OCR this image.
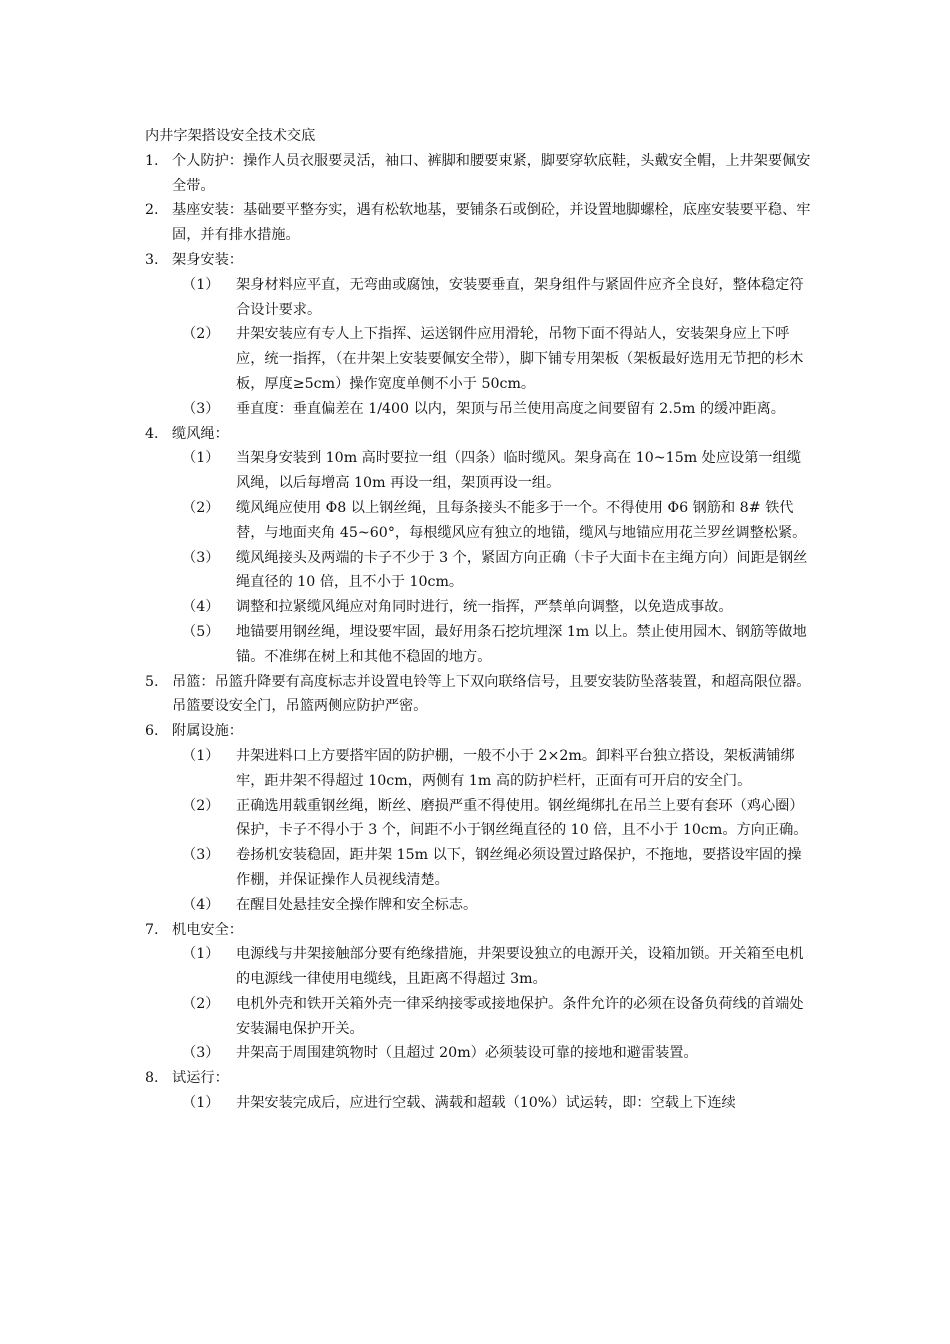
内井字架搭设安全技术交底
1. 个人防护：操作人员衣服要灵活，袖口、裤脚和腰要束紧，脚要穿软底鞋，头戴安全帽，上井架要佩安全带。
2. 基座安装：基础要平整夯实，遇有松软地基，要铺条石或倒砼，并设置地脚螺栓，底座安装要平稳、牢固，并有排水措施。
3. 架身安装：
（1） 架身材料应平直，无弯曲或腐蚀，安装要垂直，架身组件与紧固件应齐全良好，整体稳定符合设计要求。
（2） 井架安装应有专人上下指挥、运送钢件应用滑轮，吊物下面不得站人，安装架身应上下呼应，统一指挥，（在井架上安装要佩安全带），脚下铺专用架板（架板最好选用无节把的杉木板，厚度≥5cm）操作宽度单侧不小于 50cm。
（3） 垂直度：垂直偏差在 1/400 以内，架顶与吊兰使用高度之间要留有 2.5m 的缓冲距离。
4. 缆风绳：
（1） 当架身安装到 10m 高时要拉一组（四条）临时缆风。架身高在 10~15m 处应设第一组缆风绳，以后每增高 10m 再设一组，架顶再设一组。
（2） 缆风绳应使用 Φ8 以上钢丝绳，且每条接头不能多于一个。不得使用 Φ6 钢筋和 8# 铁代替，与地面夹角 45~60°，每根缆风应有独立的地锚，缆风与地锚应用花兰罗丝调整松紧。
（3） 缆风绳接头及两端的卡子不少于 3 个，紧固方向正确（卡子大面卡在主绳方向）间距是钢丝绳直径的 10 倍，且不小于 10cm。
（4） 调整和拉紧缆风绳应对角同时进行，统一指挥，严禁单向调整，以免造成事故。
（5） 地锚要用钢丝绳，埋设要牢固，最好用条石挖坑埋深 1m 以上。禁止使用园木、钢筋等做地锚。不准绑在树上和其他不稳固的地方。
5. 吊篮：吊篮升降要有高度标志并设置电铃等上下双向联络信号，且要安装防坠落装置，和超高限位器。吊篮要设安全门，吊篮两侧应防护严密。
6. 附属设施：
（1） 井架进料口上方要搭牢固的防护棚，一般不小于 2×2m。卸料平台独立搭设，架板满铺绑牢，距井架不得超过 10cm，两侧有 1m 高的防护栏杆，正面有可开启的安全门。
（2） 正确选用载重钢丝绳，断丝、磨损严重不得使用。钢丝绳绑扎在吊兰上要有套环（鸡心圈）保护，卡子不得小于 3 个，间距不小于钢丝绳直径的 10 倍，且不小于 10cm。方向正确。
（3） 卷扬机安装稳固，距井架 15m 以下，钢丝绳必须设置过路保护，不拖地，要搭设牢固的操作棚，并保证操作人员视线清楚。
（4） 在醒目处悬挂安全操作牌和安全标志。
7. 机电安全：
（1） 电源线与井架接触部分要有绝缘措施，井架要设独立的电源开关，设箱加锁。开关箱至电机的电源线一律使用电缆线，且距离不得超过 3m。
（2） 电机外壳和铁开关箱外壳一律采纳接零或接地保护。条件允许的必须在设备负荷线的首端处安装漏电保护开关。
（3） 井架高于周围建筑物时（且超过 20m）必须装设可靠的接地和避雷装置。
8. 试运行：
（1） 井架安装完成后，应进行空载、满载和超载（10%）试运转，即：空载上下连续
